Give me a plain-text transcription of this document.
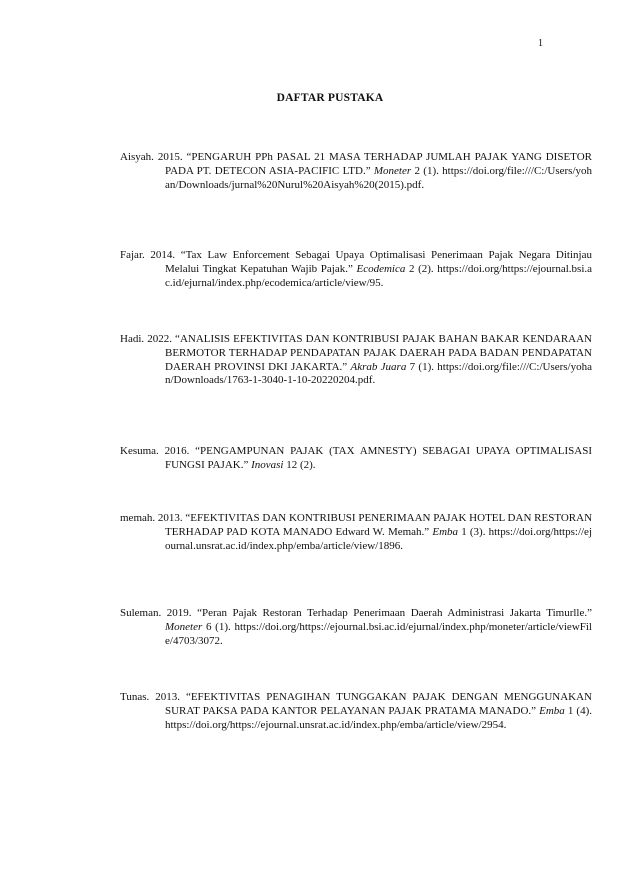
1
DAFTAR PUSTAKA
Aisyah. 2015. “PENGARUH PPh PASAL 21 MASA TERHADAP JUMLAH PAJAK YANG DISETOR PADA PT. DETECON ASIA-PACIFIC LTD.” Moneter 2 (1). https://doi.org/file:///C:/Users/yohan/Downloads/jurnal%20Nurul%20Aisyah%20(2015).pdf.
Fajar. 2014. “Tax Law Enforcement Sebagai Upaya Optimalisasi Penerimaan Pajak Negara Ditinjau Melalui Tingkat Kepatuhan Wajib Pajak.” Ecodemica 2 (2). https://doi.org/https://ejournal.bsi.ac.id/ejurnal/index.php/ecodemica/article/view/95.
Hadi. 2022. “ANALISIS EFEKTIVITAS DAN KONTRIBUSI PAJAK BAHAN BAKAR KENDARAAN BERMOTOR TERHADAP PENDAPATAN PAJAK DAERAH PADA BADAN PENDAPATAN DAERAH PROVINSI DKI JAKARTA.” Akrab Juara 7 (1). https://doi.org/file:///C:/Users/yohan/Downloads/1763-1-3040-1-10-20220204.pdf.
Kesuma. 2016. “PENGAMPUNAN PAJAK (TAX AMNESTY) SEBAGAI UPAYA OPTIMALISASI FUNGSI PAJAK.” Inovasi 12 (2).
memah. 2013. “EFEKTIVITAS DAN KONTRIBUSI PENERIMAAN PAJAK HOTEL DAN RESTORAN TERHADAP PAD KOTA MANADO Edward W. Memah.” Emba 1 (3). https://doi.org/https://ejournal.unsrat.ac.id/index.php/emba/article/view/1896.
Suleman. 2019. “Peran Pajak Restoran Terhadap Penerimaan Daerah Administrasi Jakarta Timurlle.” Moneter 6 (1). https://doi.org/https://ejournal.bsi.ac.id/ejurnal/index.php/moneter/article/viewFile/4703/3072.
Tunas. 2013. “EFEKTIVITAS PENAGIHAN TUNGGAKAN PAJAK DENGAN MENGGUNAKAN SURAT PAKSA PADA KANTOR PELAYANAN PAJAK PRATAMA MANADO.” Emba 1 (4). https://doi.org/https://ejournal.unsrat.ac.id/index.php/emba/article/view/2954.
